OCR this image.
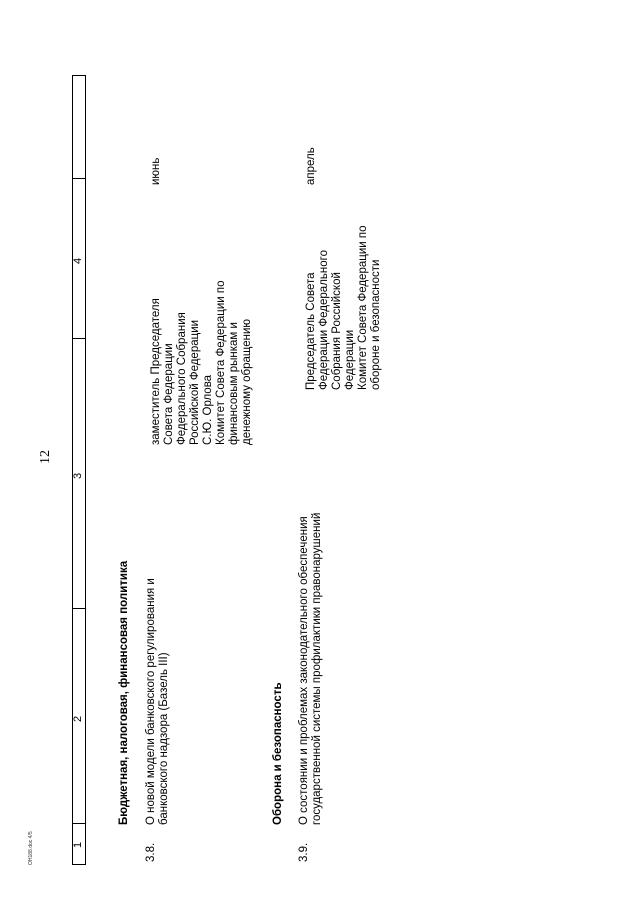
12
1
2
3
4
Бюджетная, налоговая, финансовая политика
3.8.
О новой модели банковского регулирования и банковского надзора (Базель III)
заместитель Председателя Совета Федерации Федерального Собрания Российской Федерации С.Ю. Орлова Комитет Совета Федерации по финансовым рынкам и денежному обращению
июнь
Оборона и безопасность
3.9.
О состоянии и проблемах законодательного обеспечения государственной системы профилактики правонарушений
Председатель Совета Федерации Федерального Собрания Российской Федерации Комитет Совета Федерации по обороне и безопасности
апрель
OH188.doc 4/5
